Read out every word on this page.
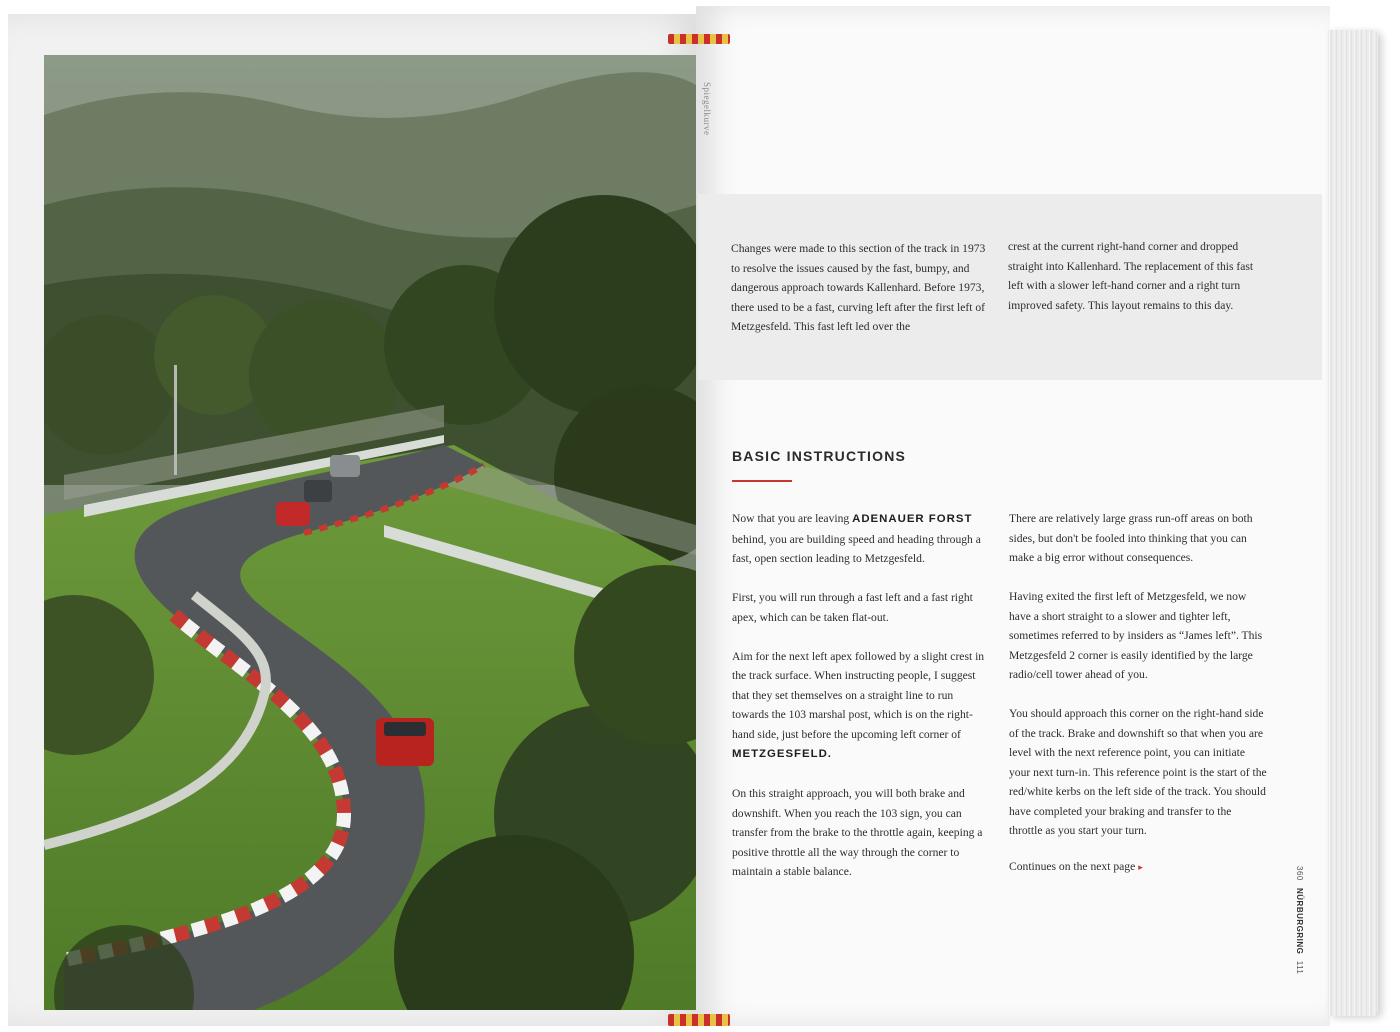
Spiegelkurve

Changes were made to this section of the track in 1973 to resolve the issues caused by the fast, bumpy, and dangerous approach towards Kallenhard. Before 1973, there used to be a fast, curving left after the first left of Metzgesfeld. This fast left led over the

crest at the current right-hand corner and dropped straight into Kallenhard. The replacement of this fast left with a slower left-hand corner and a right turn improved safety. This layout remains to this day.

BASIC INSTRUCTIONS

Now that you are leaving ADENAUER FORST behind, you are building speed and heading through a fast, open section leading to Metzgesfeld.

First, you will run through a fast left and a fast right apex, which can be taken flat-out.

Aim for the next left apex followed by a slight crest in the track surface. When instructing people, I suggest that they set themselves on a straight line to run towards the 103 marshal post, which is on the right-hand side, just before the upcoming left corner of METZGESFELD.

On this straight approach, you will both brake and downshift. When you reach the 103 sign, you can transfer from the brake to the throttle again, keeping a positive throttle all the way through the corner to maintain a stable balance.

There are relatively large grass run-off areas on both sides, but don't be fooled into thinking that you can make a big error without consequences.

Having exited the first left of Metzgesfeld, we now have a short straight to a slower and tighter left, sometimes referred to by insiders as “James left”. This Metzgesfeld 2 corner is easily identified by the large radio/cell tower ahead of you.

You should approach this corner on the right-hand side of the track. Brake and downshift so that when you are level with the next reference point, you can initiate your next turn-in. This reference point is the start of the red/white kerbs on the left side of the track. You should have completed your braking and transfer to the throttle as you start your turn.

Continues on the next page ▸	360 NÜRBURGRING 111
